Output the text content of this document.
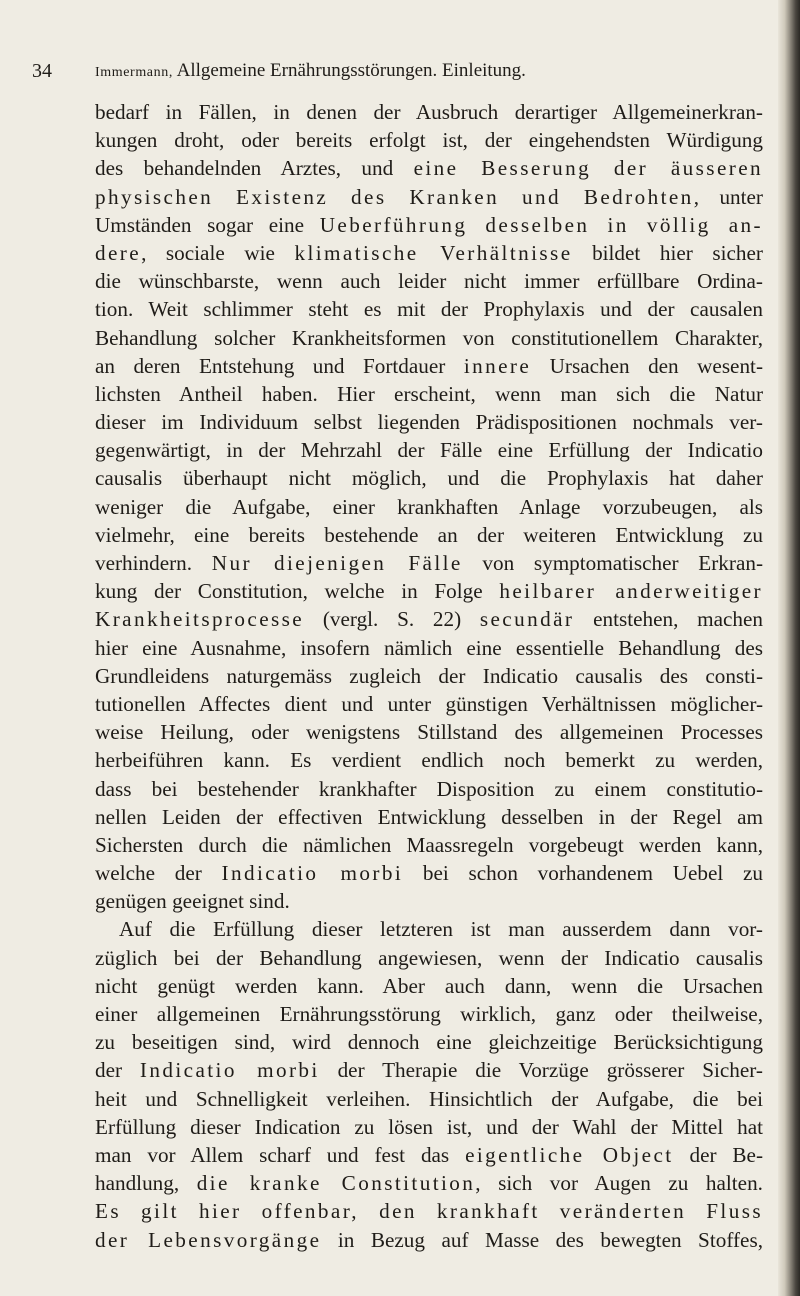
34	Immermann, Allgemeine Ernährungsstörungen. Einleitung.
bedarf in Fällen, in denen der Ausbruch derartiger Allgemeinerkran-
kungen droht, oder bereits erfolgt ist, der eingehendsten Würdigung
des behandelnden Arztes, und eine Besserung der äusseren
physischen Existenz des Kranken und Bedrohten, unter
Umständen sogar eine Ueberführung desselben in völlig an-
dere, sociale wie klimatische Verhältnisse bildet hier sicher
die wünschbarste, wenn auch leider nicht immer erfüllbare Ordina-
tion. Weit schlimmer steht es mit der Prophylaxis und der causalen
Behandlung solcher Krankheitsformen von constitutionellem Charakter,
an deren Entstehung und Fortdauer innere Ursachen den wesent-
lichsten Antheil haben. Hier erscheint, wenn man sich die Natur
dieser im Individuum selbst liegenden Prädispositionen nochmals ver-
gegenwärtigt, in der Mehrzahl der Fälle eine Erfüllung der Indicatio
causalis überhaupt nicht möglich, und die Prophylaxis hat daher
weniger die Aufgabe, einer krankhaften Anlage vorzubeugen, als
vielmehr, eine bereits bestehende an der weiteren Entwicklung zu
verhindern. Nur diejenigen Fälle von symptomatischer Erkran-
kung der Constitution, welche in Folge heilbarer anderweitiger
Krankheitsprocesse (vergl. S. 22) secundär entstehen, machen
hier eine Ausnahme, insofern nämlich eine essentielle Behandlung des
Grundleidens naturgemäss zugleich der Indicatio causalis des consti-
tutionellen Affectes dient und unter günstigen Verhältnissen möglicher-
weise Heilung, oder wenigstens Stillstand des allgemeinen Processes
herbeiführen kann. Es verdient endlich noch bemerkt zu werden,
dass bei bestehender krankhafter Disposition zu einem constitutio-
nellen Leiden der effectiven Entwicklung desselben in der Regel am
Sichersten durch die nämlichen Maassregeln vorgebeugt werden kann,
welche der Indicatio morbi bei schon vorhandenem Uebel zu
genügen geeignet sind.
Auf die Erfüllung dieser letzteren ist man ausserdem dann vor-
züglich bei der Behandlung angewiesen, wenn der Indicatio causalis
nicht genügt werden kann. Aber auch dann, wenn die Ursachen
einer allgemeinen Ernährungsstörung wirklich, ganz oder theilweise,
zu beseitigen sind, wird dennoch eine gleichzeitige Berücksichtigung
der Indicatio morbi der Therapie die Vorzüge grösserer Sicher-
heit und Schnelligkeit verleihen. Hinsichtlich der Aufgabe, die bei
Erfüllung dieser Indication zu lösen ist, und der Wahl der Mittel hat
man vor Allem scharf und fest das eigentliche Object der Be-
handlung, die kranke Constitution, sich vor Augen zu halten.
Es gilt hier offenbar, den krankhaft veränderten Fluss
der Lebensvorgänge in Bezug auf Masse des bewegten Stoffes,
